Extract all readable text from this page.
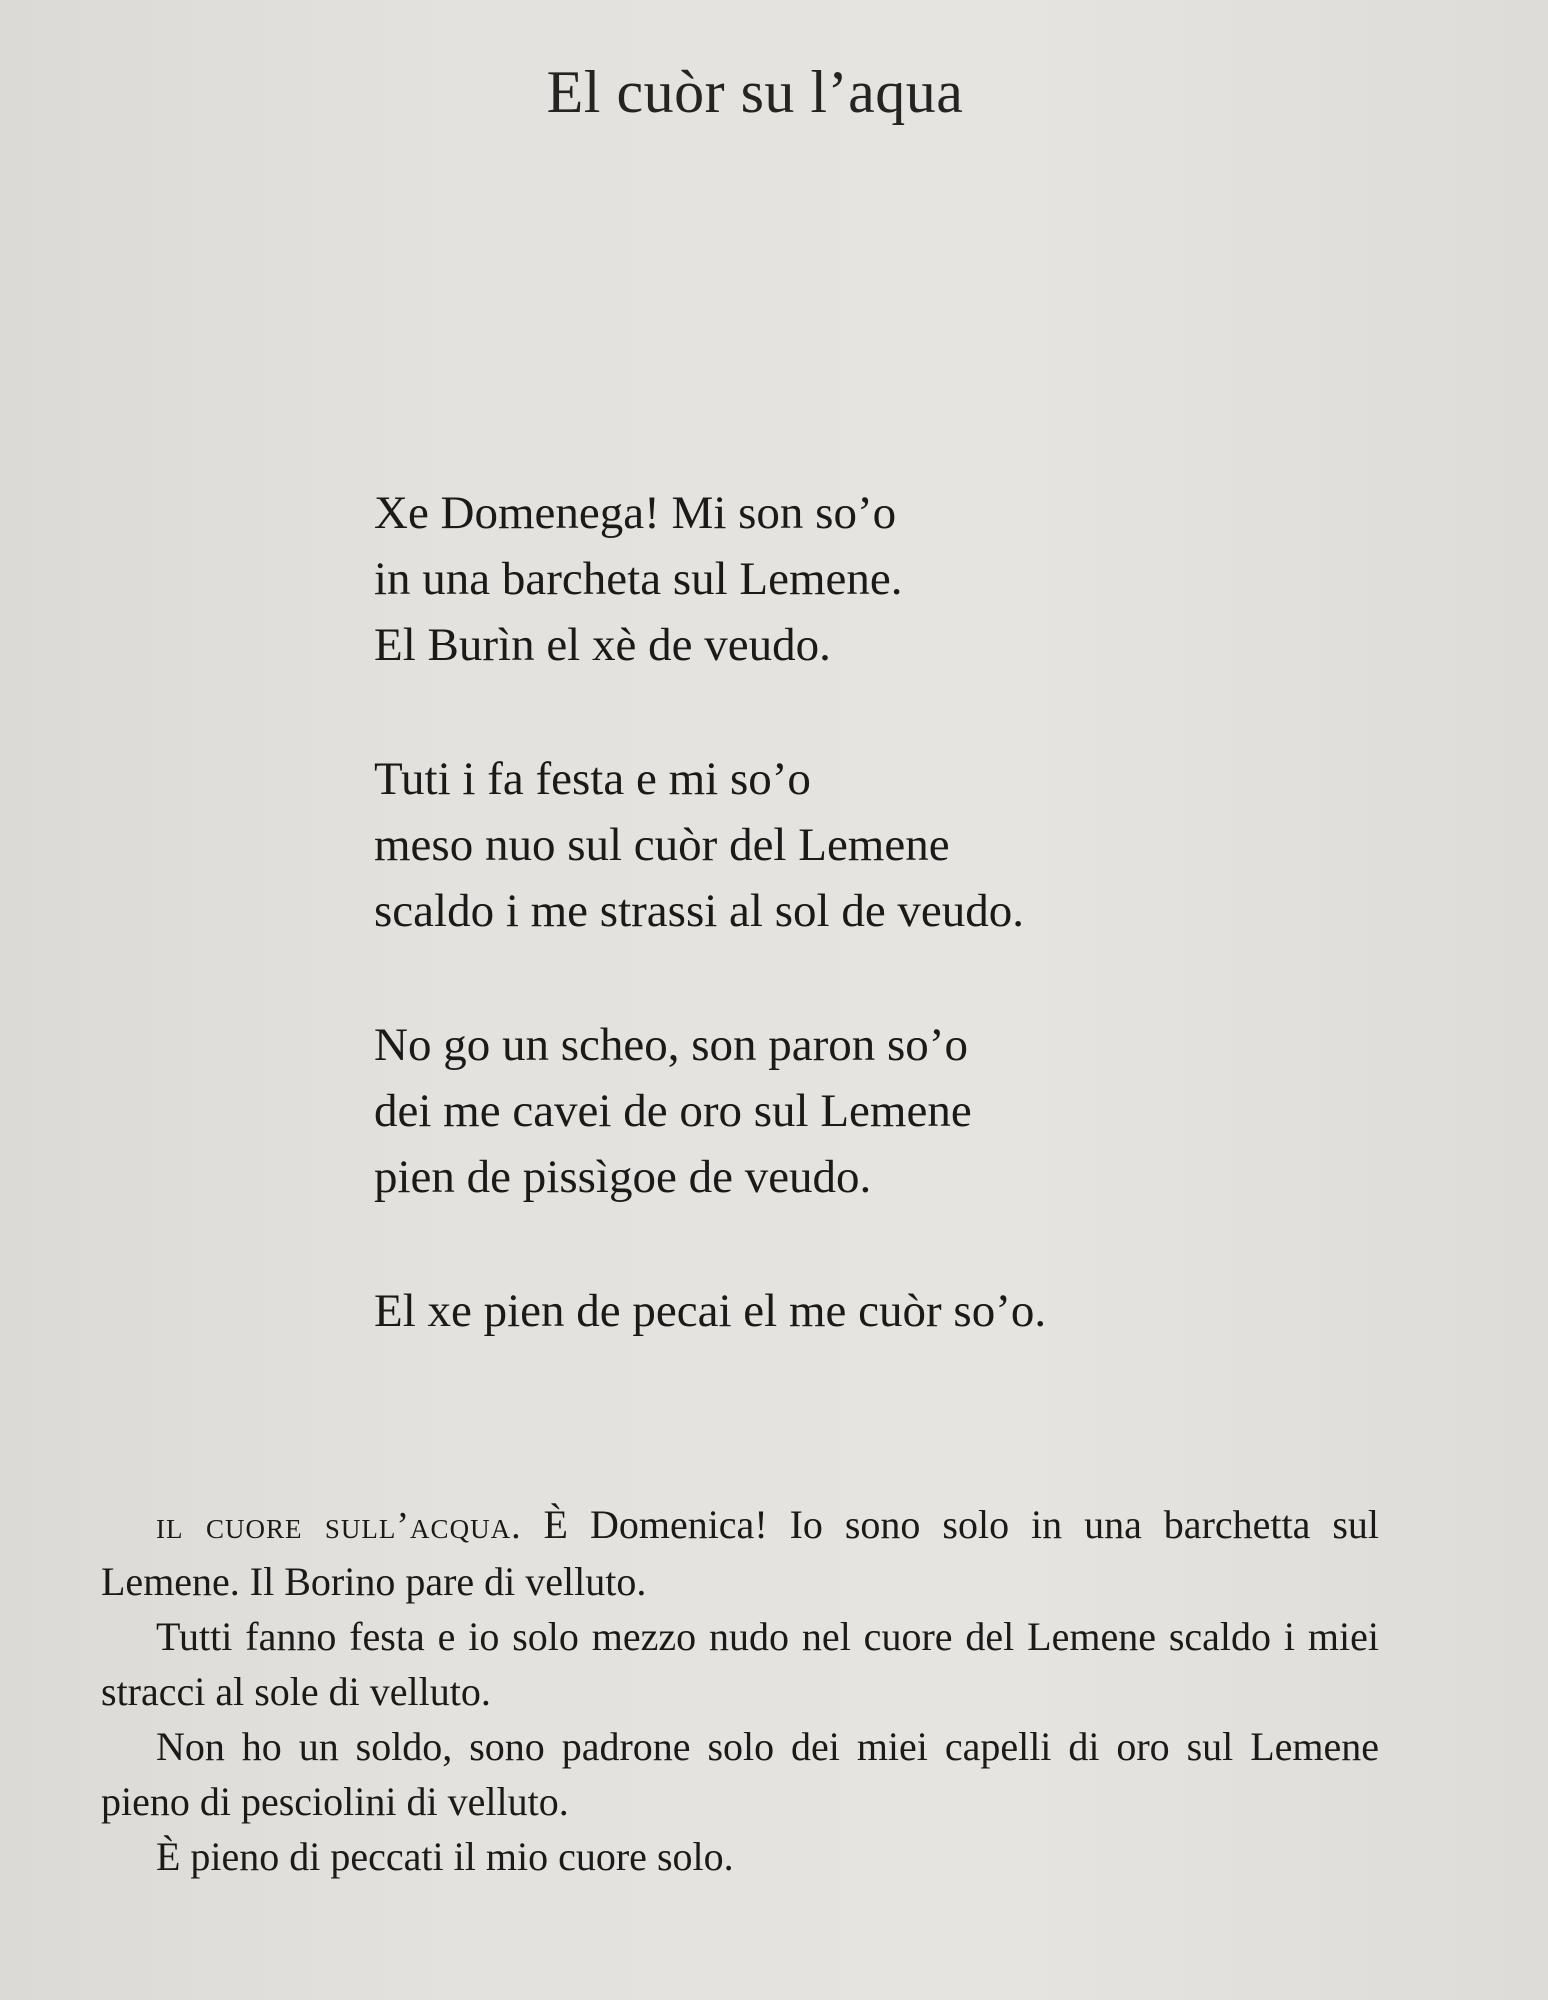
El cuòr su l’aqua
Xe Domenega! Mi son so’o
in una barcheta sul Lemene.
El Burìn el xè de veudo.
Tuti i fa festa e mi so’o
meso nuo sul cuòr del Lemene
scaldo i me strassi al sol de veudo.
No go un scheo, son paron so’o
dei me cavei de oro sul Lemene
pien de pissìgoe de veudo.
El xe pien de pecai el me cuòr so’o.

il cuore sull’acqua. È Domenica! Io sono solo in una barchetta sul Lemene. Il Borino pare di velluto.

Tutti fanno festa e io solo mezzo nudo nel cuore del Lemene scaldo i miei stracci al sole di velluto.

Non ho un soldo, sono padrone solo dei miei capelli di oro sul Lemene pieno di pesciolini di velluto.

È pieno di peccati il mio cuore solo.
